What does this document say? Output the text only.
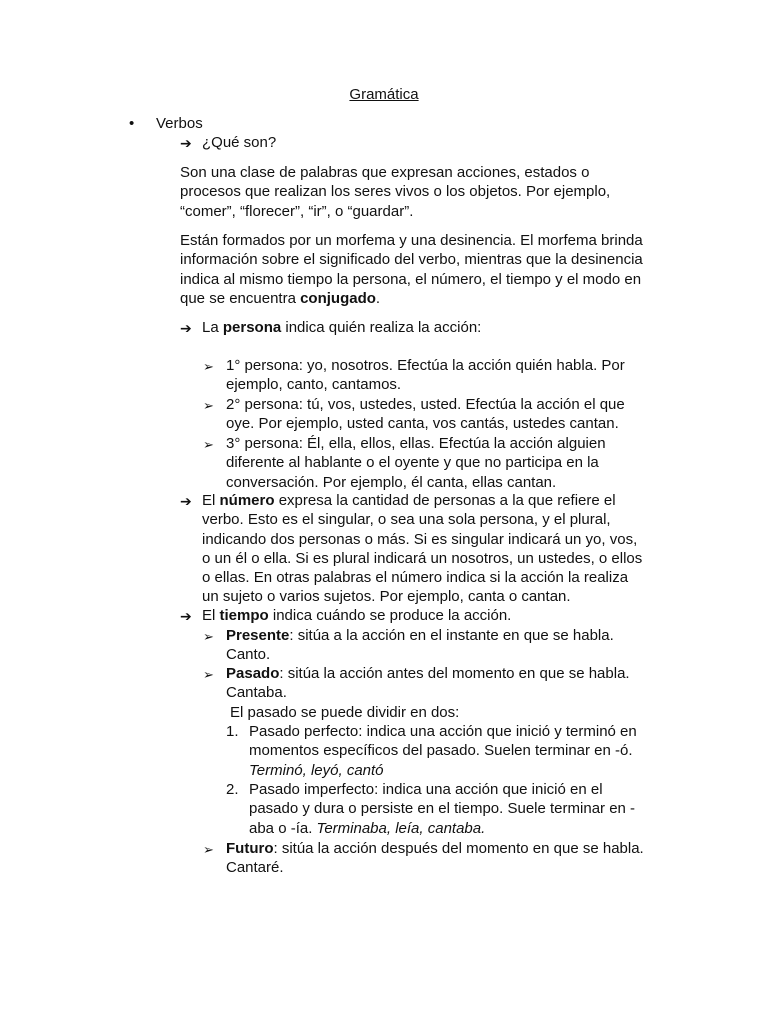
Gramática
• Verbos
➔ ¿Qué son?
Son una clase de palabras que expresan acciones, estados o
procesos que realizan los seres vivos o los objetos. Por ejemplo,
“comer”, “florecer”, “ir”, o “guardar”.
Están formados por un morfema y una desinencia. El morfema brinda
información sobre el significado del verbo, mientras que la desinencia
indica al mismo tiempo la persona, el número, el tiempo y el modo en
que se encuentra conjugado.
➔ La persona indica quién realiza la acción:
➢ 1° persona: yo, nosotros. Efectúa la acción quién habla. Por
ejemplo, canto, cantamos.
➢ 2° persona: tú, vos, ustedes, usted. Efectúa la acción el que
oye. Por ejemplo, usted canta, vos cantás, ustedes cantan.
➢ 3° persona: Él, ella, ellos, ellas. Efectúa la acción alguien
diferente al hablante o el oyente y que no participa en la
conversación. Por ejemplo, él canta, ellas cantan.
➔ El número expresa la cantidad de personas a la que refiere el
verbo. Esto es el singular, o sea una sola persona, y el plural,
indicando dos personas o más. Si es singular indicará un yo, vos,
o un él o ella. Si es plural indicará un nosotros, un ustedes, o ellos
o ellas. En otras palabras el número indica si la acción la realiza
un sujeto o varios sujetos. Por ejemplo, canta o cantan.
➔ El tiempo indica cuándo se produce la acción.
➢ Presente: sitúa a la acción en el instante en que se habla.
Canto.
➢ Pasado: sitúa la acción antes del momento en que se habla.
Cantaba.
El pasado se puede dividir en dos:
1. Pasado perfecto: indica una acción que inició y terminó en
momentos específicos del pasado. Suelen terminar en -ó.
Terminó, leyó, cantó
2. Pasado imperfecto: indica una acción que inició en el
pasado y dura o persiste en el tiempo. Suele terminar en -
aba o -ía. Terminaba, leía, cantaba.
➢ Futuro: sitúa la acción después del momento en que se habla.
Cantaré.
